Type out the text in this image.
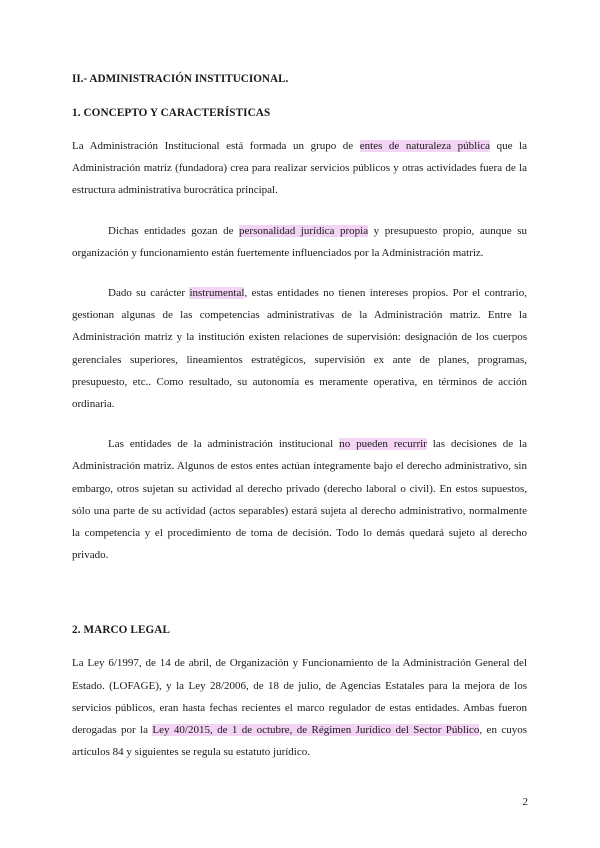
II.- ADMINISTRACIÓN INSTITUCIONAL.
1. CONCEPTO Y CARACTERÍSTICAS

La Administración Institucional está formada un grupo de entes de naturaleza pública que la Administración matriz (fundadora) crea para realizar servicios públicos y otras actividades fuera de la estructura administrativa burocrática principal.

Dichas entidades gozan de personalidad jurídica propia y presupuesto propio, aunque su organización y funcionamiento están fuertemente influenciados por la Administración matriz.

Dado su carácter instrumental, estas entidades no tienen intereses propios. Por el contrario, gestionan algunas de las competencias administrativas de la Administración matriz. Entre la Administración matriz y la institución existen relaciones de supervisión: designación de los cuerpos gerenciales superiores, lineamientos estratégicos, supervisión ex ante de planes, programas, presupuesto, etc.. Como resultado, su autonomía es meramente operativa, en términos de acción ordinaria.

Las entidades de la administración institucional no pueden recurrir las decisiones de la Administración matriz. Algunos de estos entes actúan íntegramente bajo el derecho administrativo, sin embargo, otros sujetan su actividad al derecho privado (derecho laboral o civil). En estos supuestos, sólo una parte de su actividad (actos separables) estará sujeta al derecho administrativo, normalmente la competencia y el procedimiento de toma de decisión. Todo lo demás quedará sujeto al derecho privado.

2. MARCO LEGAL

La Ley 6/1997, de 14 de abril, de Organización y Funcionamiento de la Administración General del Estado. (LOFAGE), y la Ley 28/2006, de 18 de julio, de Agencias Estatales para la mejora de los servicios públicos, eran hasta fechas recientes el marco regulador de estas entidades. Ambas fueron derogadas por la Ley 40/2015, de 1 de octubre, de Régimen Jurídico del Sector Público, en cuyos artículos 84 y siguientes se regula su estatuto jurídico.

2
